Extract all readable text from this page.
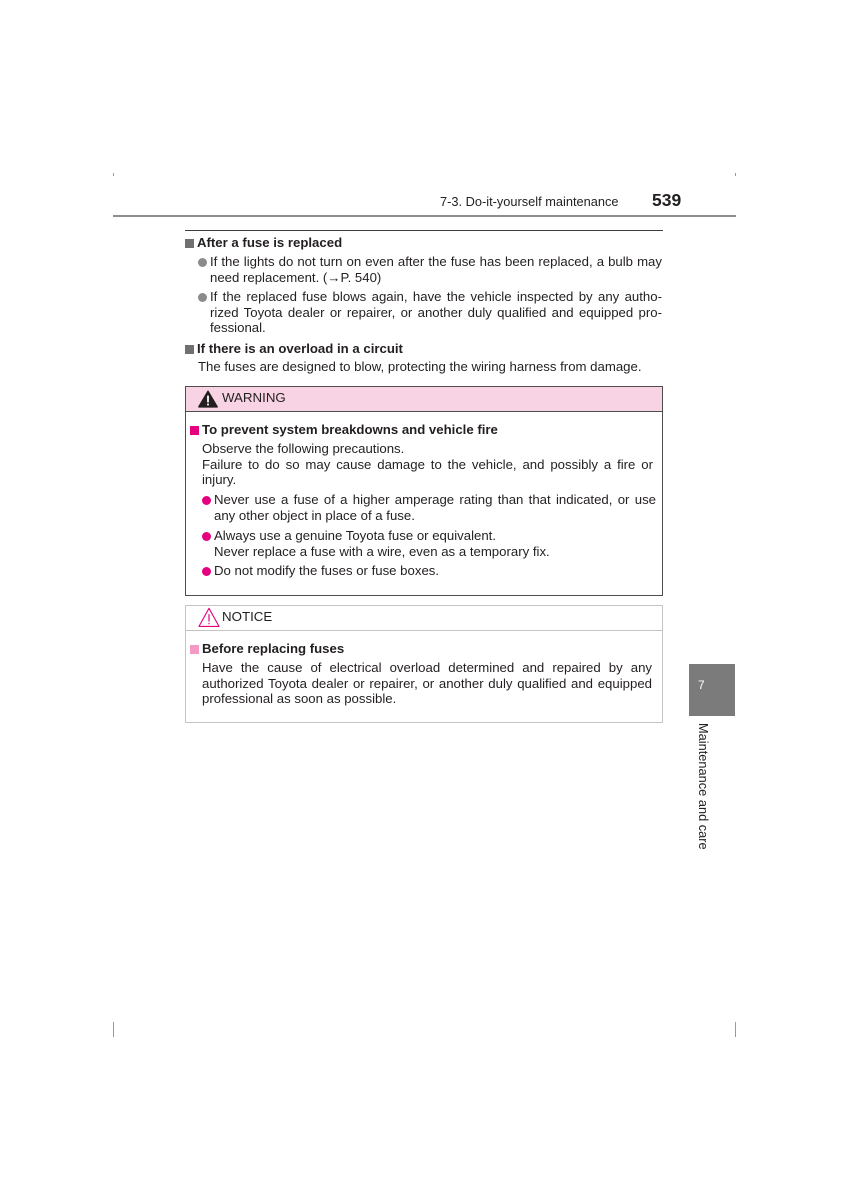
7-3. Do-it-yourself maintenance 539
After a fuse is replaced
If the lights do not turn on even after the fuse has been replaced, a bulb may
need replacement. (→P. 540)
If the replaced fuse blows again, have the vehicle inspected by any autho-
rized Toyota dealer or repairer, or another duly qualified and equipped pro-
fessional.
If there is an overload in a circuit
The fuses are designed to blow, protecting the wiring harness from damage.
WARNING
To prevent system breakdowns and vehicle fire
Observe the following precautions.
Failure to do so may cause damage to the vehicle, and possibly a fire or
injury.
Never use a fuse of a higher amperage rating than that indicated, or use
any other object in place of a fuse.
Always use a genuine Toyota fuse or equivalent.
Never replace a fuse with a wire, even as a temporary fix.
Do not modify the fuses or fuse boxes.
NOTICE
Before replacing fuses
Have the cause of electrical overload determined and repaired by any
authorized Toyota dealer or repairer, or another duly qualified and equipped
professional as soon as possible.
7
Maintenance and care
